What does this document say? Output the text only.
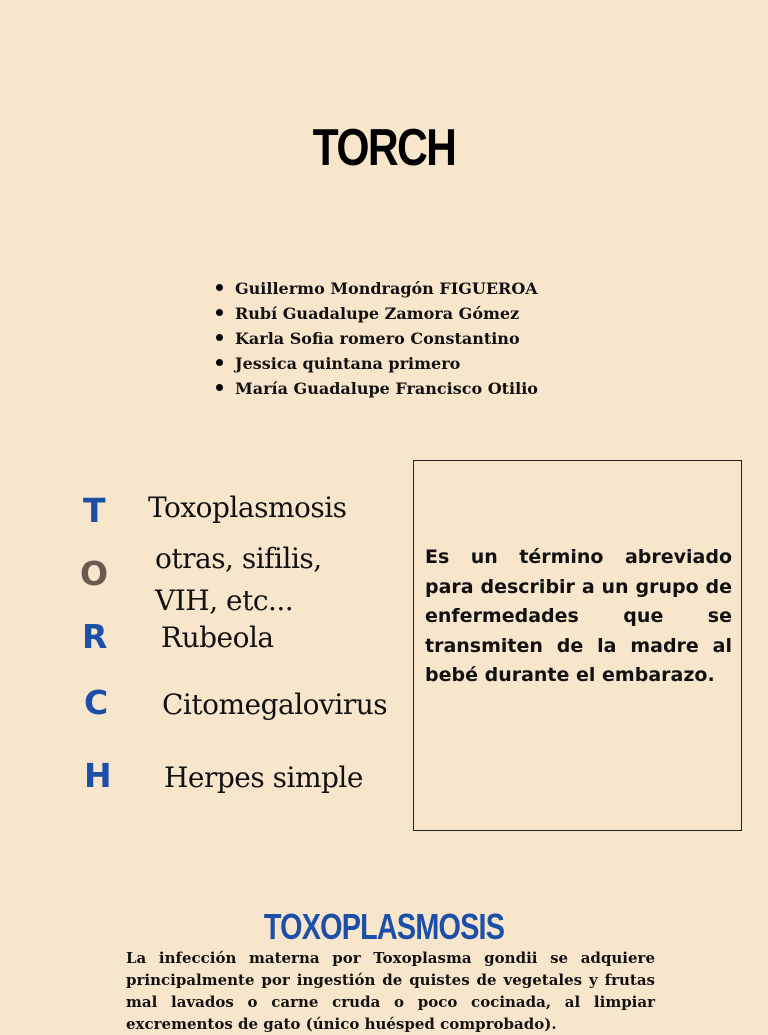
TORCH
Guillermo Mondragón FIGUEROA
Rubí Guadalupe Zamora Gómez
Karla Sofia romero Constantino
Jessica quintana primero
María Guadalupe Francisco Otilio
T
O
R
C
H
Toxoplasmosis
otras, sifilis, VIH, etc...
Rubeola
Citomegalovirus
Herpes simple

Es un término abreviado para describir a un grupo de enfermedades que se transmiten de la madre al bebé durante el embarazo.

TOXOPLASMOSIS

La infección materna por Toxoplasma gondii se adquiere principalmente por ingestión de quistes de vegetales y frutas mal lavados o carne cruda o poco cocinada, al limpiar excrementos de gato (único huésped comprobado).
